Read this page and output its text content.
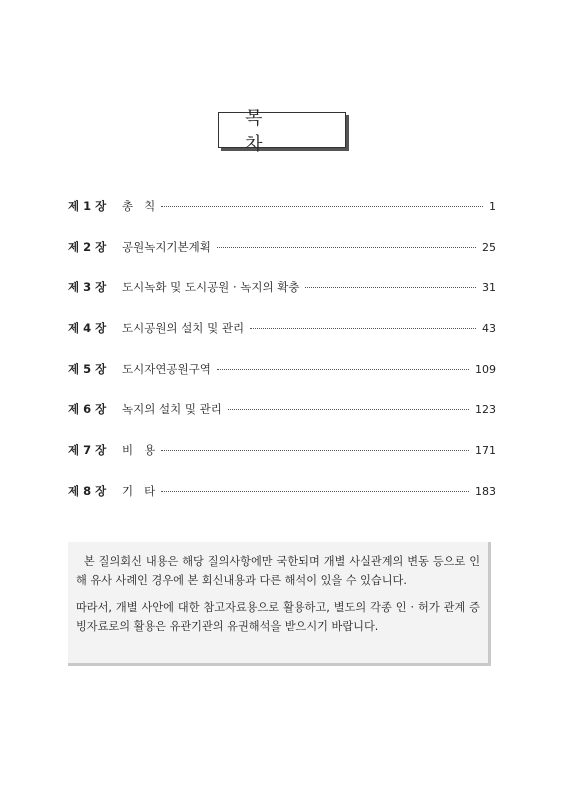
목 차
제 1 장	총   칙	1
제 2 장	공원녹지기본계획	25
제 3 장	도시녹화 및 도시공원 · 녹지의 확충	31
제 4 장	도시공원의 설치 및 관리	43
제 5 장	도시자연공원구역	109
제 6 장	녹지의 설치 및 관리	123
제 7 장	비   용	171
제 8 장	기   타	183

본 질의회신 내용은 해당 질의사항에만 국한되며 개별 사실관계의 변동 등으로 인해 유사 사례인 경우에 본 회신내용과 다른 해석이 있을 수 있습니다.

따라서, 개별 사안에 대한 참고자료용으로 활용하고, 별도의 각종 인 · 허가 관계 증빙자료로의 활용은 유관기관의 유권해석을 받으시기 바랍니다.
